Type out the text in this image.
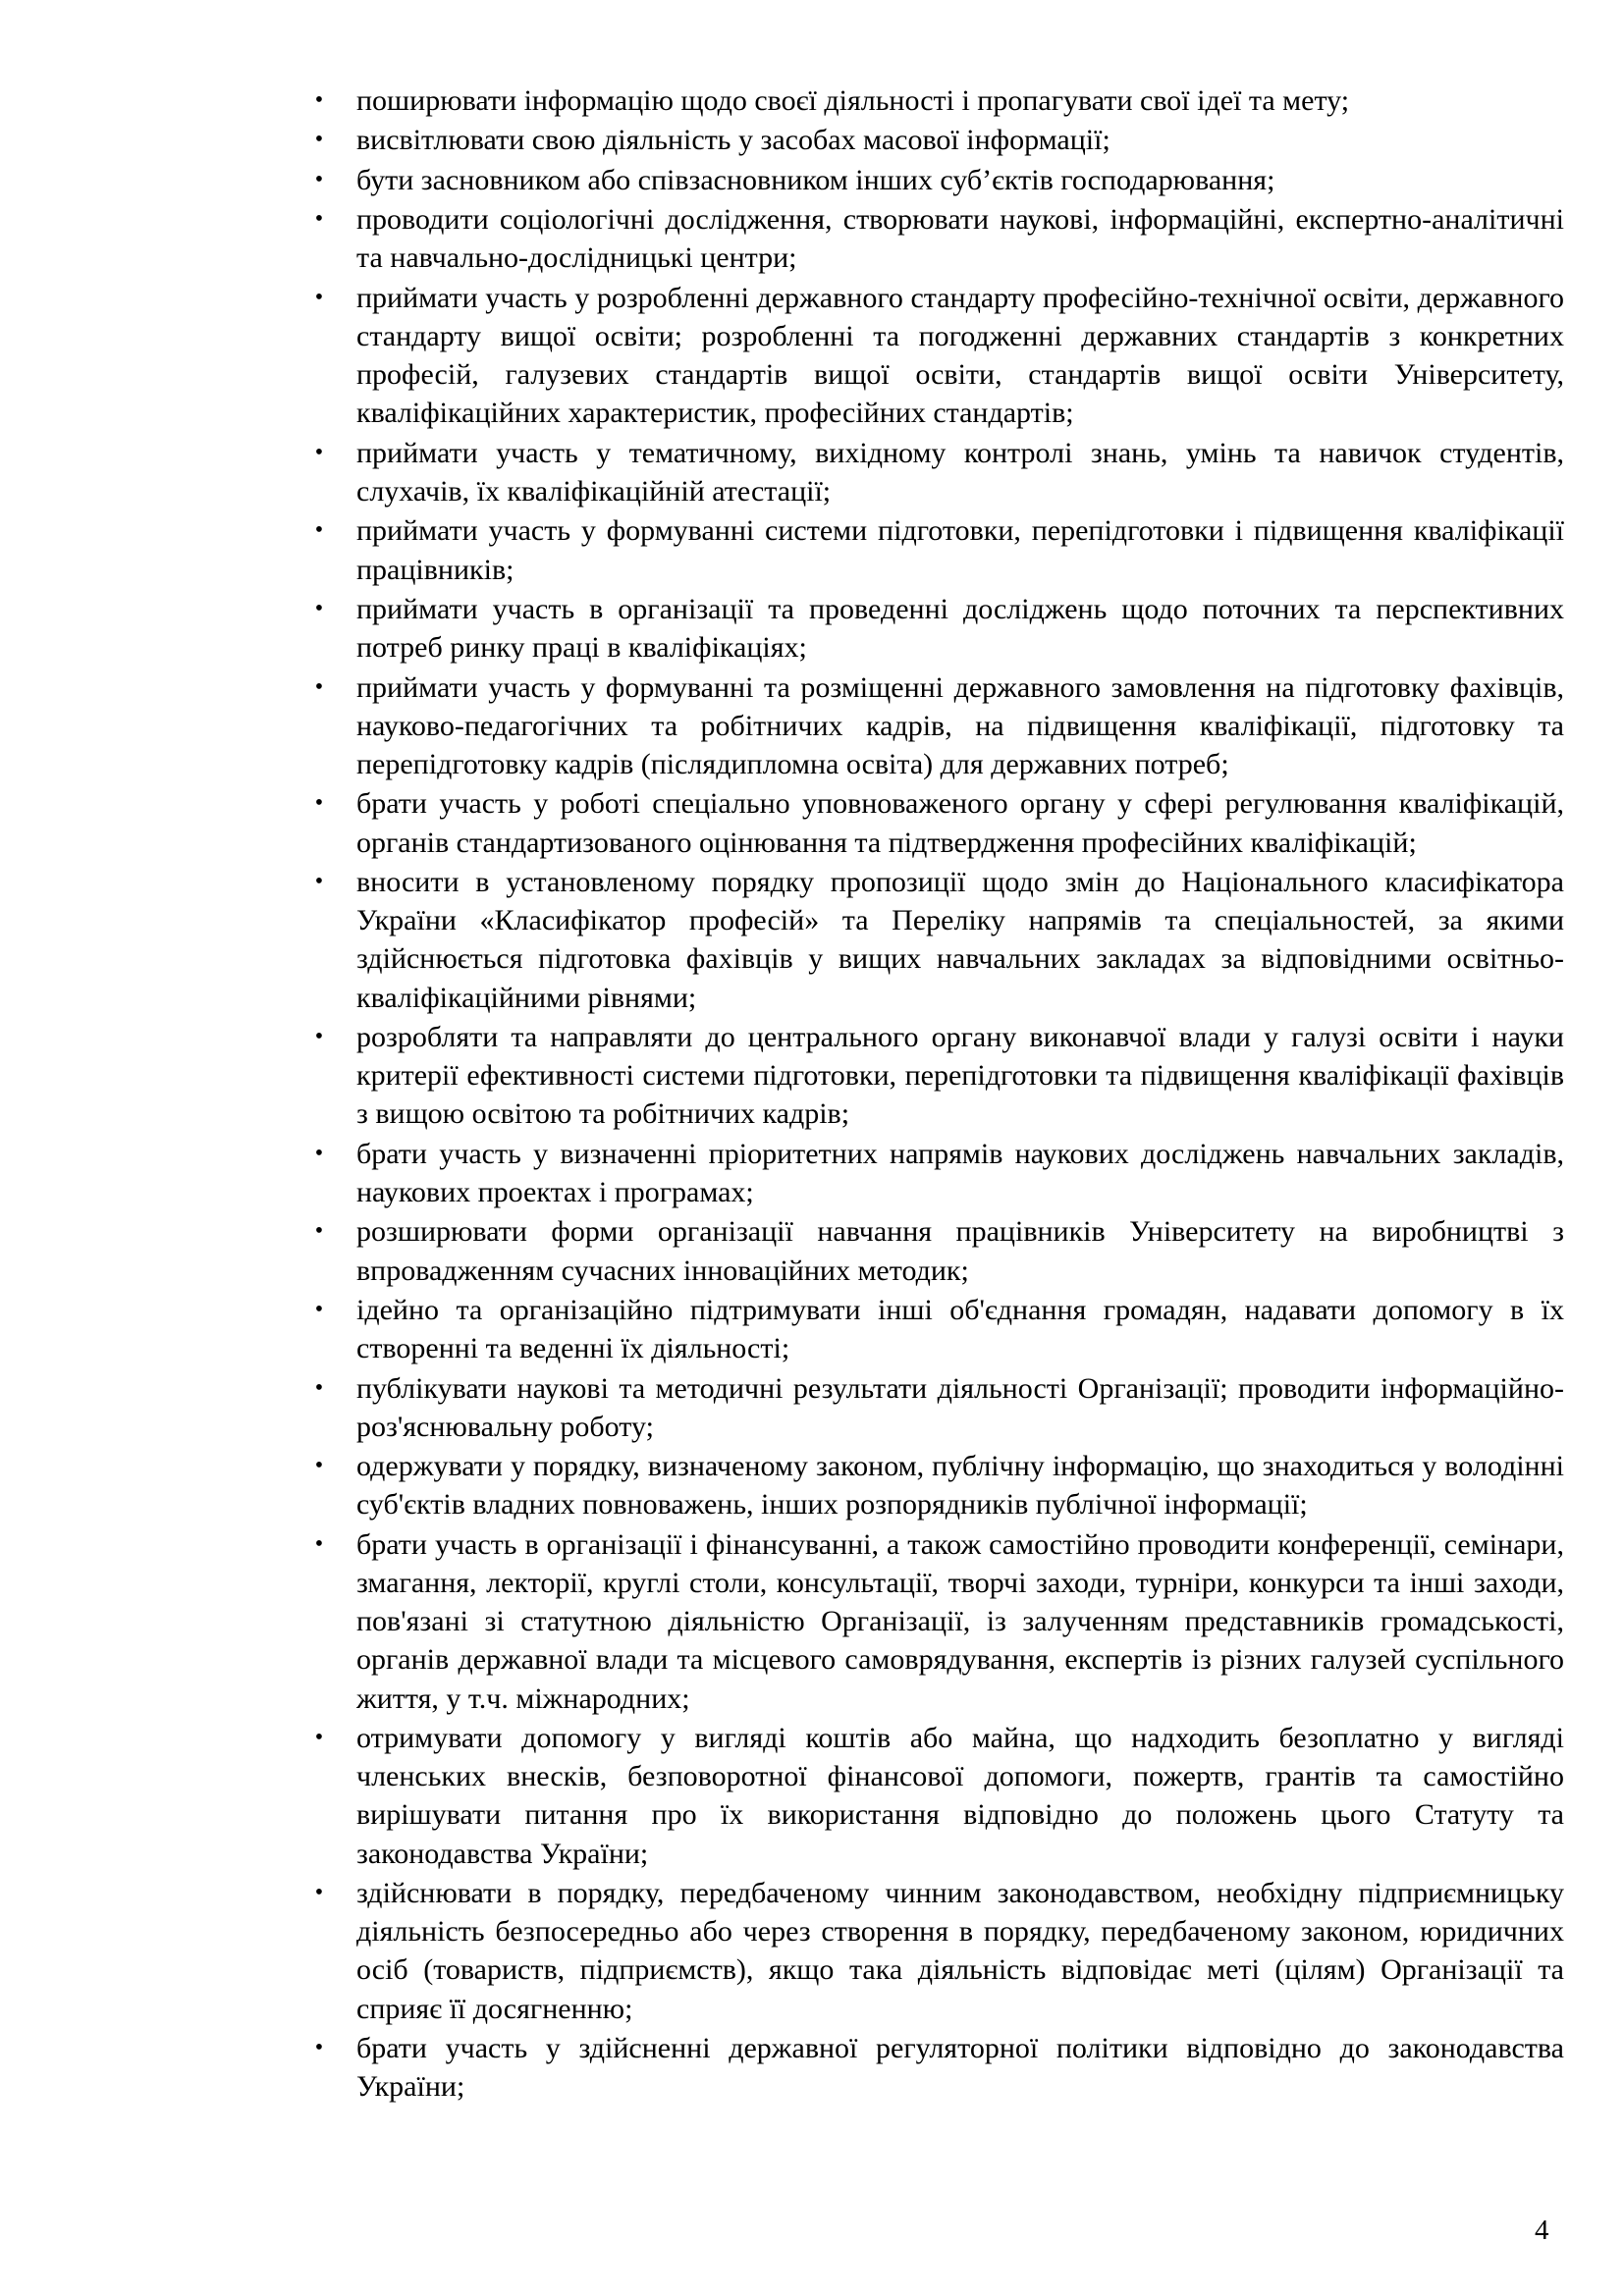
• поширювати інформацію щодо своєї діяльності і пропагувати свої ідеї та мету;
• висвітлювати свою діяльність у засобах масової інформації;
• бути засновником або співзасновником інших суб’єктів господарювання;
• проводити соціологічні дослідження, створювати наукові, інформаційні, експертно-аналітичні та навчально-дослідницькі центри;
• приймати участь у розробленні державного стандарту професійно-технічної освіти, державного стандарту вищої освіти; розробленні та погодженні державних стандартів з конкретних професій, галузевих стандартів вищої освіти, стандартів вищої освіти Університету, кваліфікаційних характеристик, професійних стандартів;
• приймати участь у тематичному, вихідному контролі знань, умінь та навичок студентів, слухачів, їх кваліфікаційній атестації;
• приймати участь у формуванні системи підготовки, перепідготовки і підвищення кваліфікації працівників;
• приймати участь в організації та проведенні досліджень щодо поточних та перспективних потреб ринку праці в кваліфікаціях;
• приймати участь у формуванні та розміщенні державного замовлення на підготовку фахівців, науково-педагогічних та робітничих кадрів, на підвищення кваліфікації, підготовку та перепідготовку кадрів (післядипломна освіта) для державних потреб;
• брати участь у роботі спеціально уповноваженого органу у сфері регулювання кваліфікацій, органів стандартизованого оцінювання та підтвердження професійних кваліфікацій;
• вносити в установленому порядку пропозиції щодо змін до Національного класифікатора України «Класифікатор професій» та Переліку напрямів та спеціальностей, за якими здійснюється підготовка фахівців у вищих навчальних закладах за відповідними освітньо-кваліфікаційними рівнями;
• розробляти та направляти до центрального органу виконавчої влади у галузі освіти і науки критерії ефективності системи підготовки, перепідготовки та підвищення кваліфікації фахівців з вищою освітою та робітничих кадрів;
• брати участь у визначенні пріоритетних напрямів наукових досліджень навчальних закладів, наукових проектах і програмах;
• розширювати форми організації навчання працівників Університету на виробництві з впровадженням сучасних інноваційних методик;
• ідейно та організаційно підтримувати інші об'єднання громадян, надавати допомогу в їх створенні та веденні їх діяльності;
• публікувати наукові та методичні результати діяльності Організації; проводити інформаційно-роз'яснювальну роботу;
• одержувати у порядку, визначеному законом, публічну інформацію, що знаходиться у володінні суб'єктів владних повноважень, інших розпорядників публічної інформації;
• брати участь в організації і фінансуванні, а також самостійно проводити конференції, семінари, змагання, лекторії, круглі столи, консультації, творчі заходи, турніри, конкурси та інші заходи, пов'язані зі статутною діяльністю Організації, із залученням представників громадськості, органів державної влади та місцевого самоврядування, експертів із різних галузей суспільного життя, у т.ч. міжнародних;
• отримувати допомогу у вигляді коштів або майна, що надходить безоплатно у вигляді членських внесків, безповоротної фінансової допомоги, пожертв, грантів та самостійно вирішувати питання про їх використання відповідно до положень цього Статуту та законодавства України;
• здійснювати в порядку, передбаченому чинним законодавством, необхідну підприємницьку діяльність безпосередньо або через створення в порядку, передбаченому законом, юридичних осіб (товариств, підприємств), якщо така діяльність відповідає меті (цілям) Організації та сприяє її досягненню;
• брати участь у здійсненні державної регуляторної політики відповідно до законодавства України;
4
